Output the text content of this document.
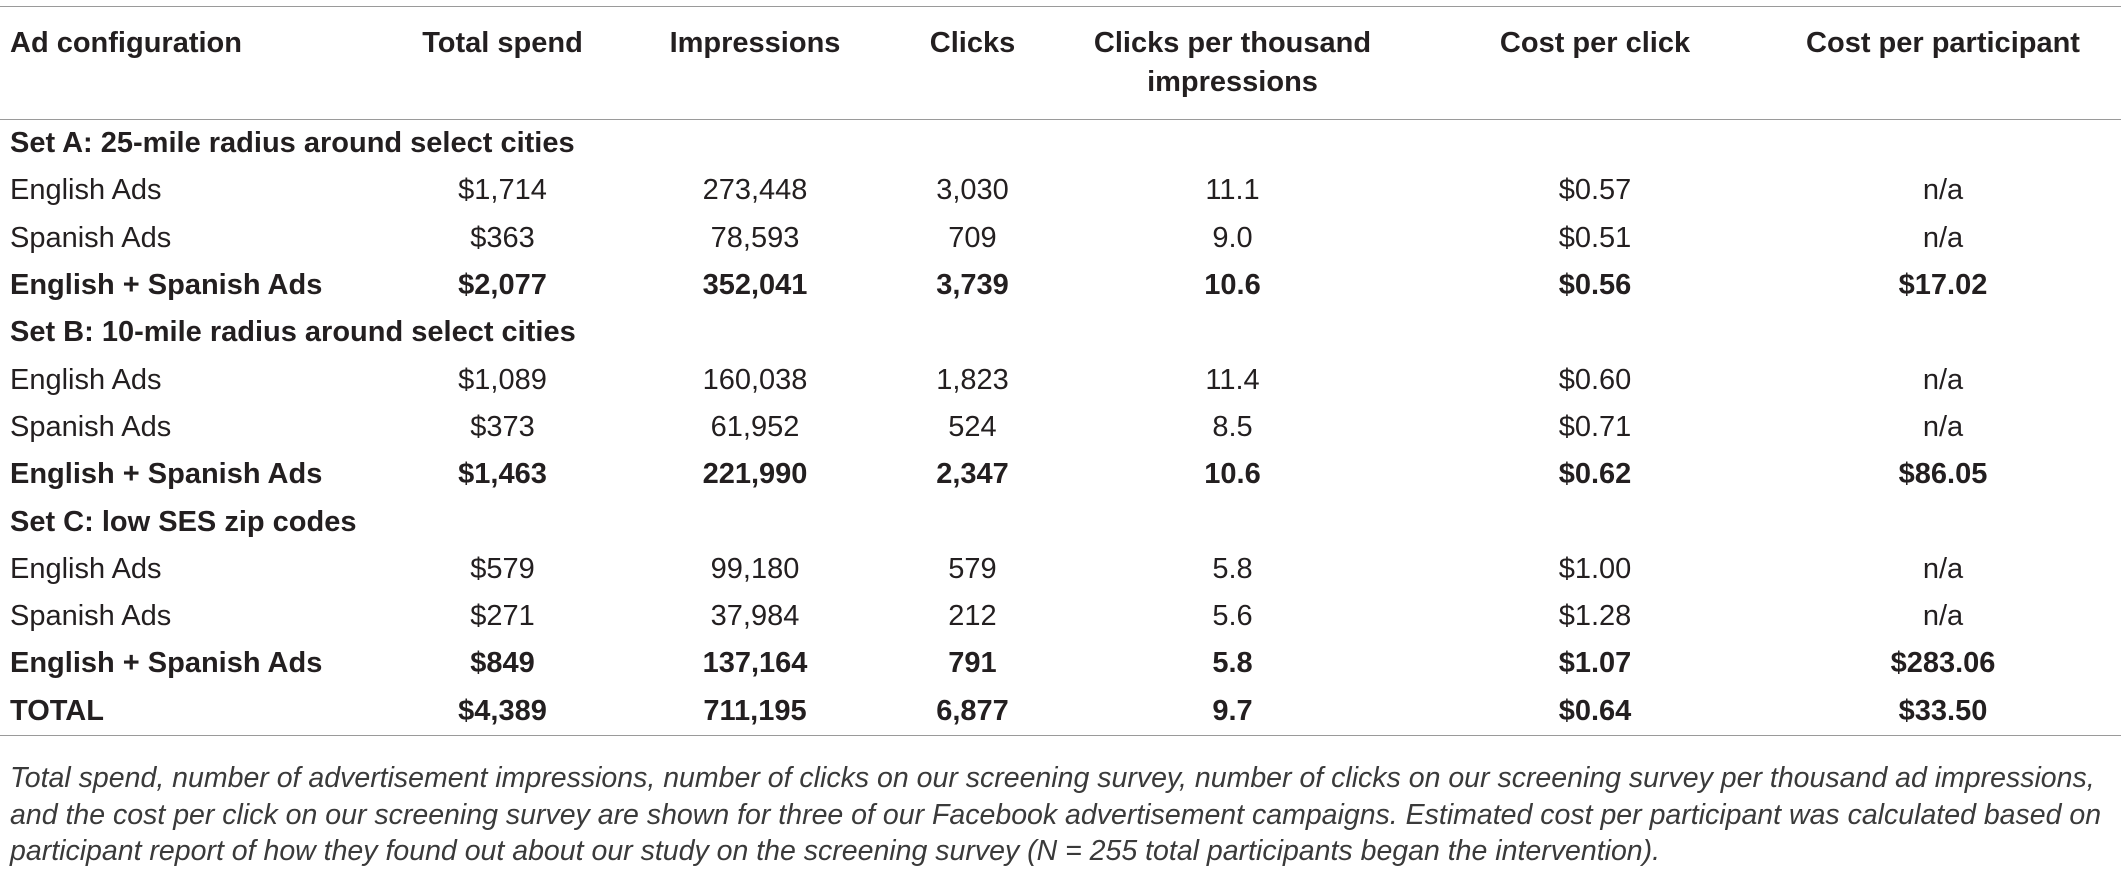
Ad configuration	Total spend	Impressions	Clicks	Clicks per thousand impressions	Cost per click	Cost per participant
Set A: 25-mile radius around select cities						
English Ads	$1,714	273,448	3,030	11.1	$0.57	n/a
Spanish Ads	$363	78,593	709	9.0	$0.51	n/a
English + Spanish Ads	$2,077	352,041	3,739	10.6	$0.56	$17.02
Set B: 10-mile radius around select cities						
English Ads	$1,089	160,038	1,823	11.4	$0.60	n/a
Spanish Ads	$373	61,952	524	8.5	$0.71	n/a
English + Spanish Ads	$1,463	221,990	2,347	10.6	$0.62	$86.05
Set C: low SES zip codes						
English Ads	$579	99,180	579	5.8	$1.00	n/a
Spanish Ads	$271	37,984	212	5.6	$1.28	n/a
English + Spanish Ads	$849	137,164	791	5.8	$1.07	$283.06
TOTAL	$4,389	711,195	6,877	9.7	$0.64	$33.50
Total spend, number of advertisement impressions, number of clicks on our screening survey, number of clicks on our screening survey per thousand ad impressions, and the cost per click on our screening survey are shown for three of our Facebook advertisement campaigns. Estimated cost per participant was calculated based on participant report of how they found out about our study on the screening survey (N = 255 total participants began the intervention).
